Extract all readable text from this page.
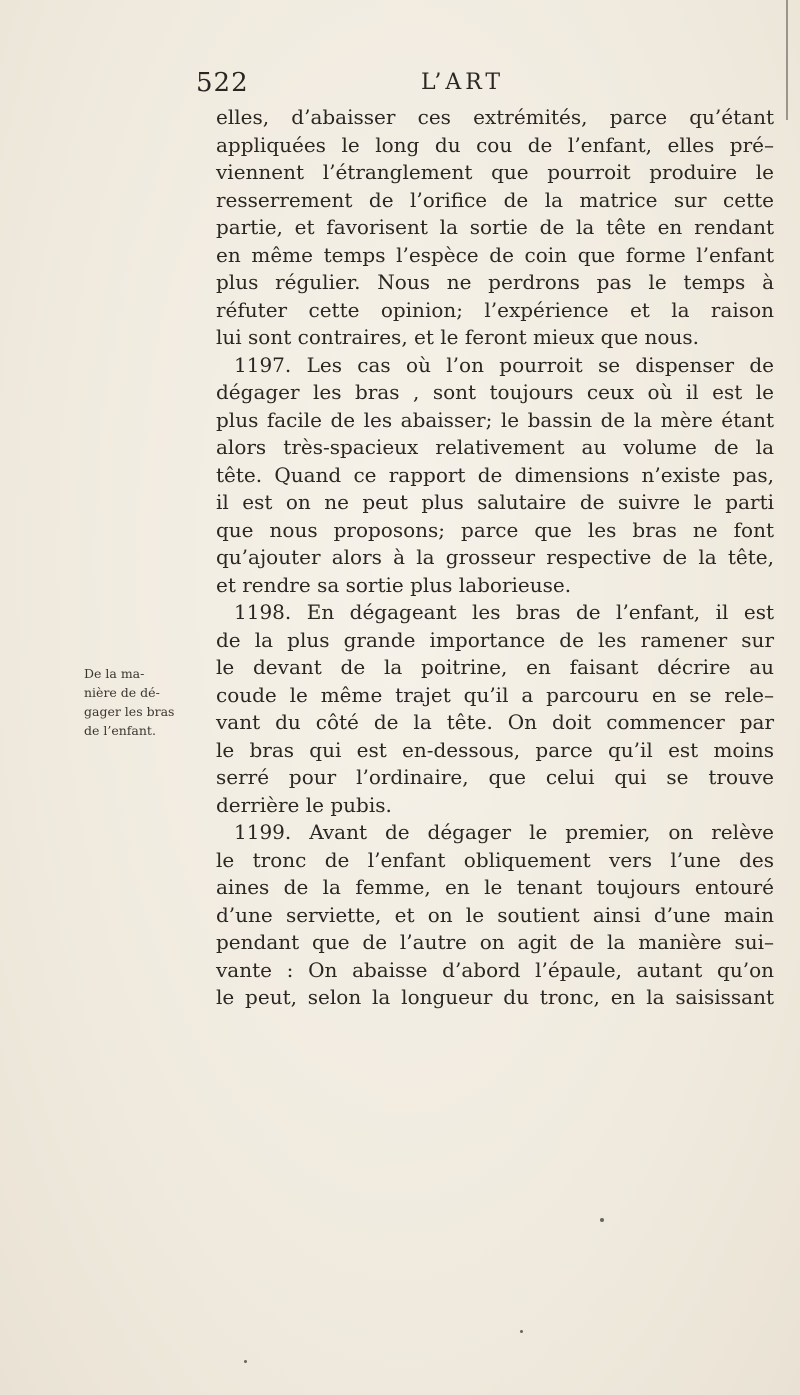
522	L’ART
De la ma-
nière de dé-
gager les bras
de l’enfant.
elles, d’abaisser ces extrémités, parce qu’étant
appliquées le long du cou de l’enfant, elles pré–
viennent l’étranglement que pourroit produire le
resserrement de l’orifice de la matrice sur cette
partie, et favorisent la sortie de la tête en rendant
en même temps l’espèce de coin que forme l’enfant
plus régulier. Nous ne perdrons pas le temps à
réfuter cette opinion; l’expérience et la raison
lui sont contraires, et le feront mieux que nous.
1197. Les cas où l’on pourroit se dispenser de
dégager les bras , sont toujours ceux où il est le
plus facile de les abaisser; le bassin de la mère étant
alors très-spacieux relativement au volume de la
tête. Quand ce rapport de dimensions n’existe pas,
il est on ne peut plus salutaire de suivre le parti
que nous proposons; parce que les bras ne font
qu’ajouter alors à la grosseur respective de la tête,
et rendre sa sortie plus laborieuse.
1198. En dégageant les bras de l’enfant, il est
de la plus grande importance de les ramener sur
le devant de la poitrine, en faisant décrire au
coude le même trajet qu’il a parcouru en se rele–
vant du côté de la tête. On doit commencer par
le bras qui est en-dessous, parce qu’il est moins
serré pour l’ordinaire, que celui qui se trouve
derrière le pubis.
1199. Avant de dégager le premier, on relève
le tronc de l’enfant obliquement vers l’une des
aines de la femme, en le tenant toujours entouré
d’une serviette, et on le soutient ainsi d’une main
pendant que de l’autre on agit de la manière sui–
vante : On abaisse d’abord l’épaule, autant qu’on
le peut, selon la longueur du tronc, en la saisissant
